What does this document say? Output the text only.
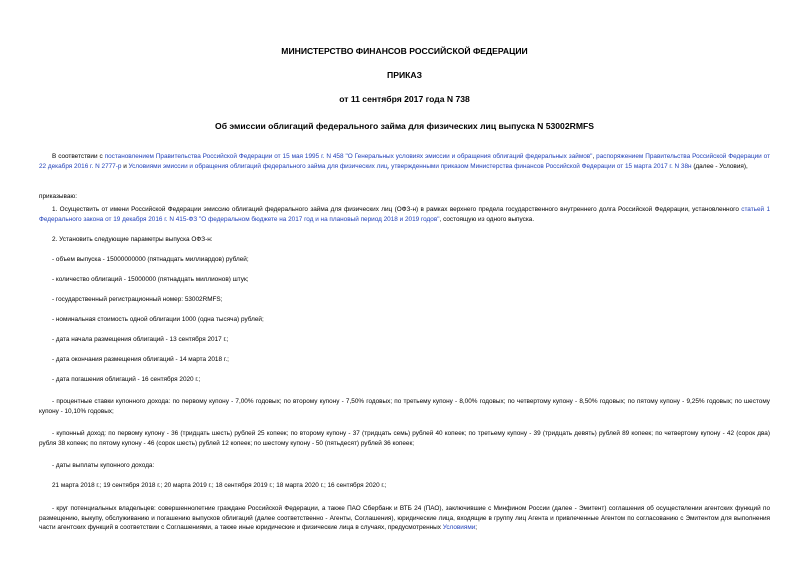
МИНИСТЕРСТВО ФИНАНСОВ РОССИЙСКОЙ ФЕДЕРАЦИИ

ПРИКАЗ

от 11 сентября 2017 года N 738

Об эмиссии облигаций федерального займа для физических лиц выпуска N 53002RMFS

В соответствии с постановлением Правительства Российской Федерации от 15 мая 1995 г. N 458 "О Генеральных условиях эмиссии и обращения облигаций федеральных займов", распоряжением Правительства Российской Федерации от 22 декабря 2016 г. N 2777-р и Условиями эмиссии и обращения облигаций федерального займа для физических лиц, утвержденными приказом Министерства финансов Российской Федерации от 15 марта 2017 г. N 38н (далее - Условия),

приказываю:

1. Осуществить от имени Российской Федерации эмиссию облигаций федерального займа для физических лиц (ОФЗ-н) в рамках верхнего предела государственного внутреннего долга Российской Федерации, установленного статьей 1 Федерального закона от 19 декабря 2016 г. N 415-ФЗ "О федеральном бюджете на 2017 год и на плановый период 2018 и 2019 годов", состоящую из одного выпуска.

2. Установить следующие параметры выпуска ОФЗ-н:

- объем выпуска - 15000000000 (пятнадцать миллиардов) рублей;

- количество облигаций - 15000000 (пятнадцать миллионов) штук;

- государственный регистрационный номер: 53002RMFS;

- номинальная стоимость одной облигации 1000 (одна тысяча) рублей;

- дата начала размещения облигаций - 13 сентября 2017 г.;

- дата окончания размещения облигаций - 14 марта 2018 г.;

- дата погашения облигаций - 16 сентября 2020 г.;

- процентные ставки купонного дохода: по первому купону - 7,00% годовых; по второму купону - 7,50% годовых; по третьему купону - 8,00% годовых; по четвертому купону - 8,50% годовых; по пятому купону - 9,25% годовых; по шестому купону - 10,10% годовых;

- купонный доход: по первому купону - 36 (тридцать шесть) рублей 25 копеек; по второму купону - 37 (тридцать семь) рублей 40 копеек; по третьему купону - 39 (тридцать девять) рублей 89 копеек; по четвертому купону - 42 (сорок два) рубля 38 копеек; по пятому купону - 46 (сорок шесть) рублей 12 копеек; по шестому купону - 50 (пятьдесят) рублей 36 копеек;

- даты выплаты купонного дохода:

21 марта 2018 г.; 19 сентября 2018 г.; 20 марта 2019 г.; 18 сентября 2019 г.; 18 марта 2020 г.; 16 сентября 2020 г.;

- круг потенциальных владельцев: совершеннолетние граждане Российской Федерации, а также ПАО Сбербанк и ВТБ 24 (ПАО), заключившие с Минфином России (далее - Эмитент) соглашения об осуществлении агентских функций по размещению, выкупу, обслуживанию и погашению выпусков облигаций (далее соответственно - Агенты, Соглашения), юридические лица, входящие в группу лиц Агента и привлеченные Агентом по согласованию с Эмитентом для выполнения части агентских функций в соответствии с Соглашениями, а также иные юридические и физические лица в случаях, предусмотренных Условиями;
